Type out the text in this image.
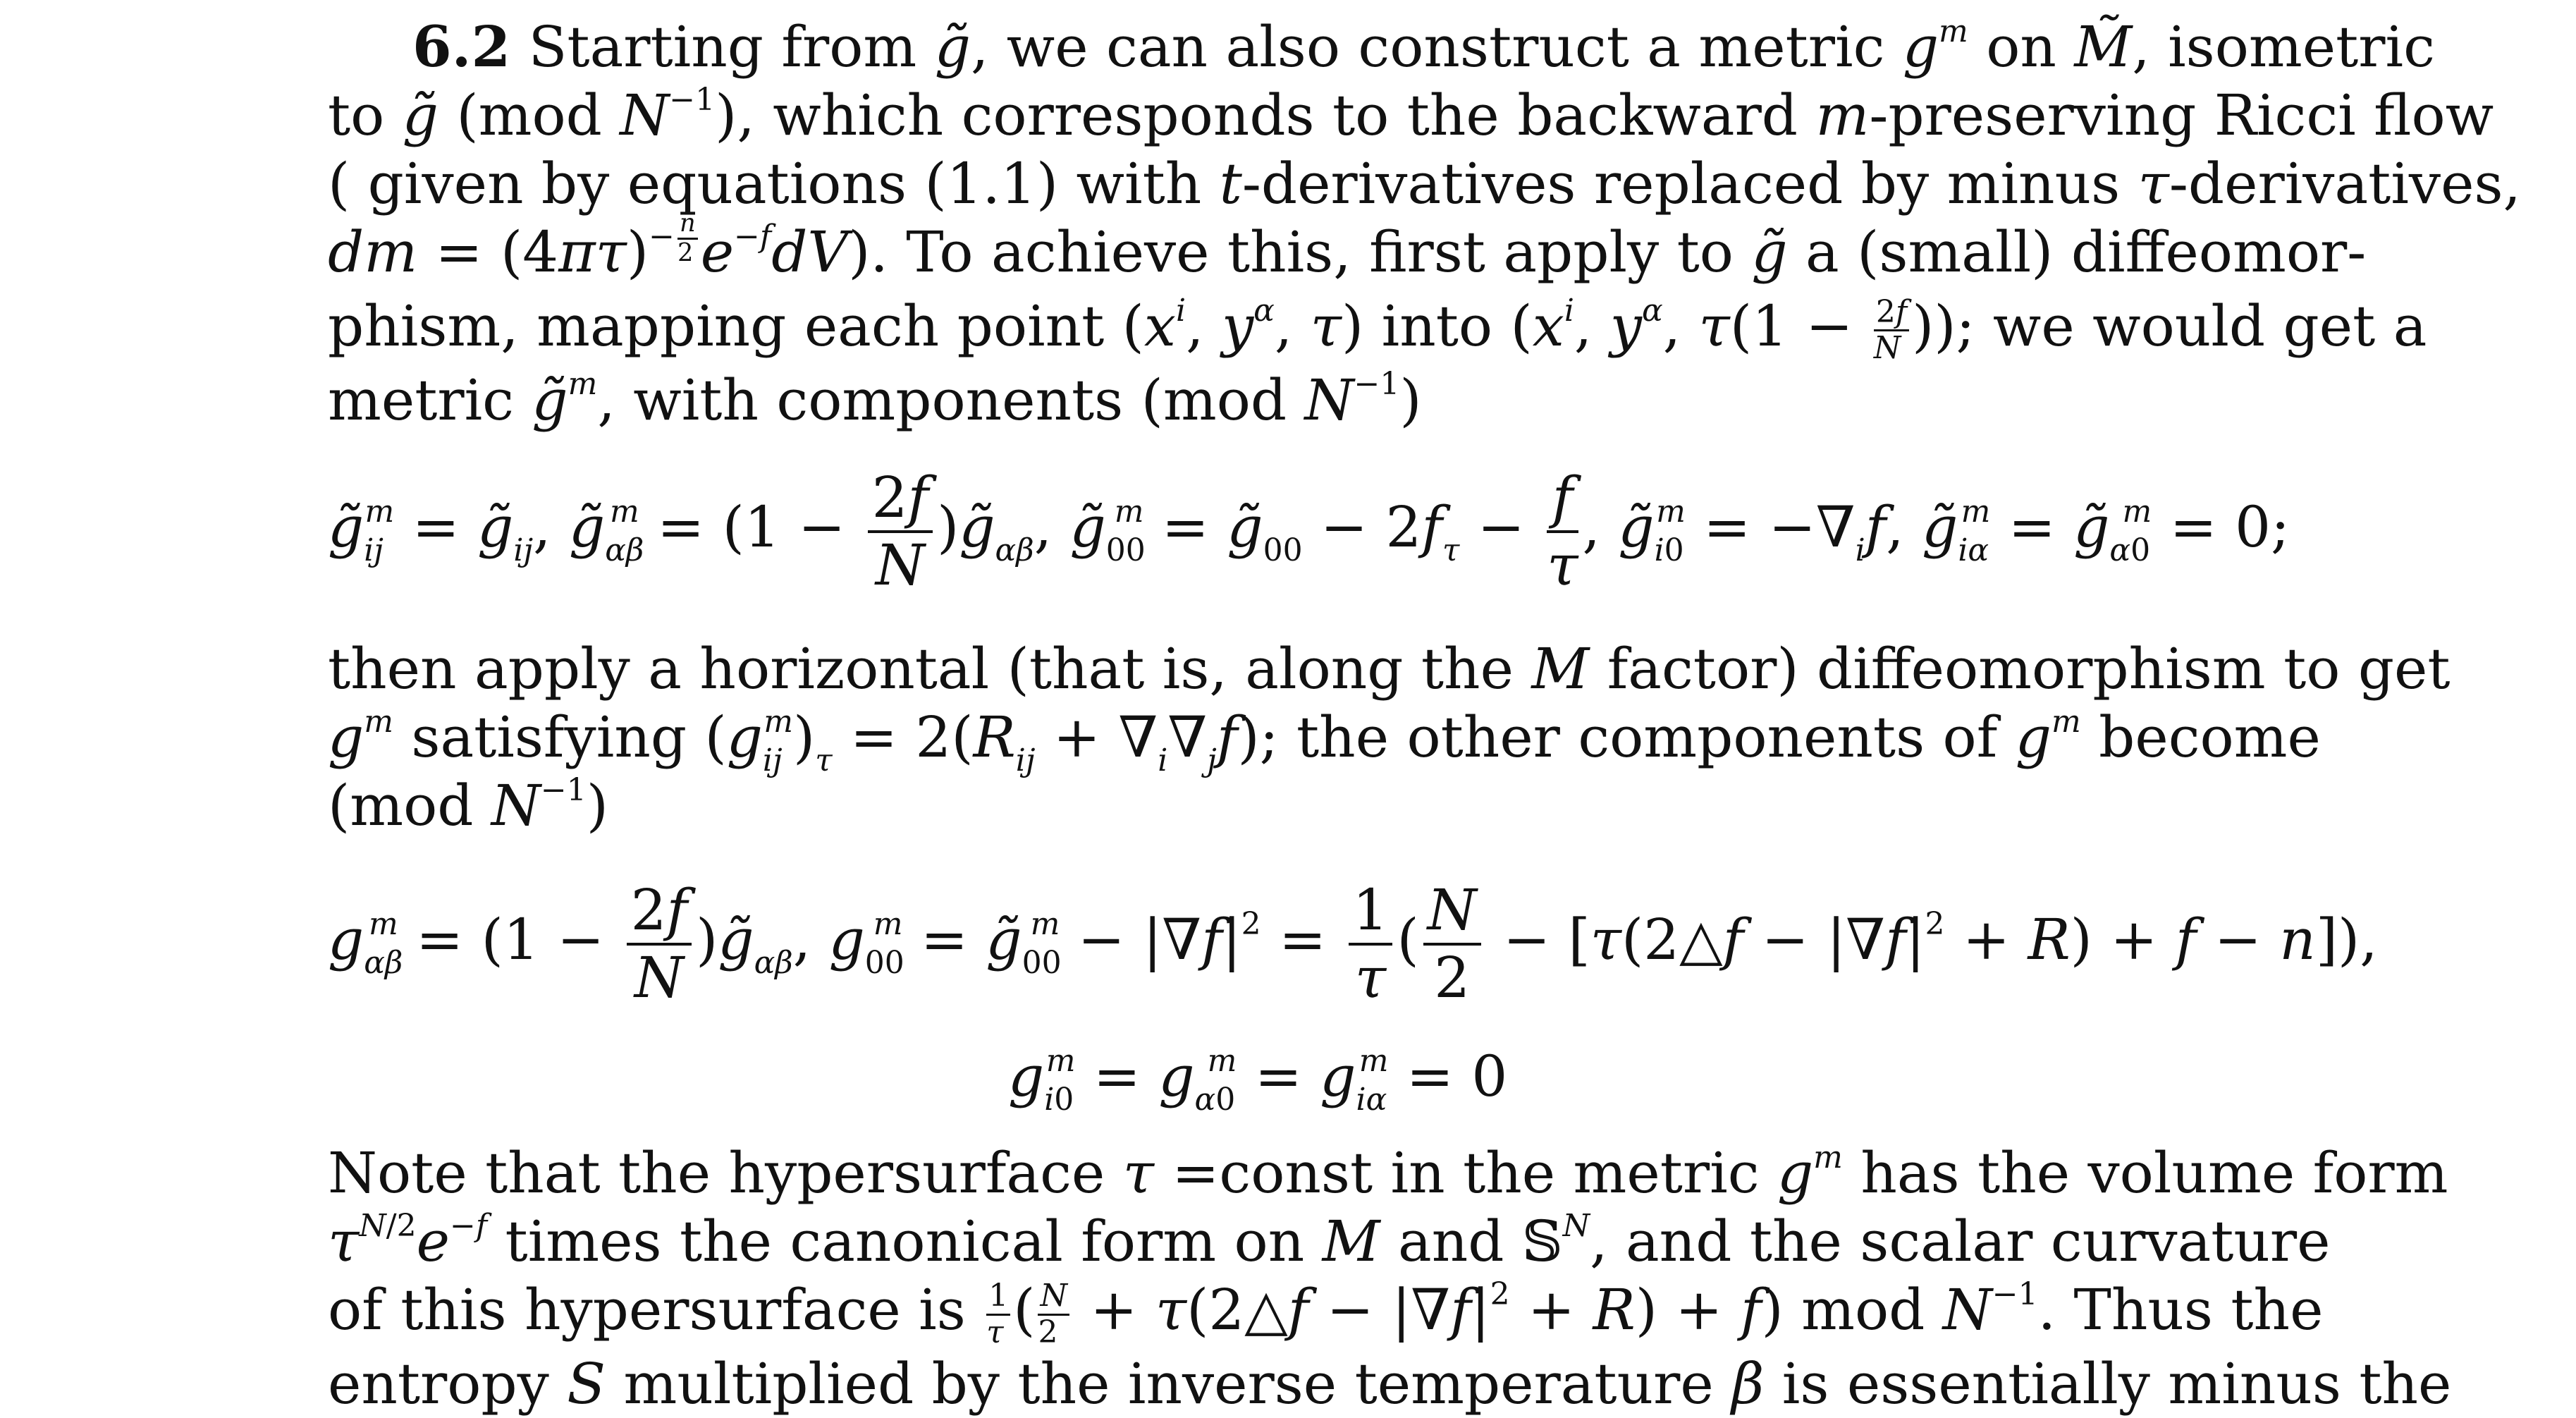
6.2 Starting from g̃, we can also construct a metric $g^m$ on M̃, isometric
to g̃ (mod $N^{-1}$), which corresponds to the backward m-preserving Ricci flow
( given by equations (1.1) with t-derivatives replaced by minus τ-derivatives,
dm = $(4\pi\tau)^{- \frac{n}{2}}$ $e^{-f}dV$). To achieve this, first apply to g̃ a (small) diffeomor-
phism, mapping each point ($x^i$, $y^\alpha$, τ) into ($x^i$, $y^\alpha$, $\tau(1 - \frac{2f}{N}$ )); we would get a
metric g̃$^m$, with components (mod $N^{-1}$)
$g̃_{ij}^m$ = $g̃_{ij}$, $g̃_{\alpha\beta}^m = (1 - \frac{2f}{N}$ )$g̃_{\alpha\beta}$, $g̃_{00}^m$ = $g̃_{00} - 2f_\tau - \frac{f}{\tau}$ , $g̃_{i0}^m = -\nabla_if$, $g̃_{i\alpha}^m$ = $g̃_{\alpha 0}^m = 0$;
then apply a horizontal (that is, along the M factor) diffeomorphism to get
$g^m$ satisfying $(g_{ij}^m)_\tau = 2(R_{ij} + \nabla_i\nabla_jf)$; the other components of $g^m$ become
(mod $N^{-1}$)
$g_{\alpha\beta}^m = (1 - \frac{2f}{N}$ )$g̃_{\alpha\beta}$, $g_{00}^m$ = $g̃_{00}^m - |\nabla f|^2 = \frac{1}{\tau}$ ( $\frac{N}{2}$ − [τ(2△f − $|\nabla f|^2 + R) + f - n$]),
$g_{i0}^m = g_{\alpha 0}^m = g_{i\alpha}^m = 0$
Note that the hypersurface τ =const in the metric $g^m$ has the volume form
$\tau^{N/2}e^{-f}$ times the canonical form on M and 𝕊$^N$, and the scalar curvature
of this hypersurface is $\frac{1}{\tau}$ ( $\frac{N}{2}$ + τ(2△f − $|\nabla f|^2 + R) + f$) mod $N^{-1}$. Thus the
entropy S multiplied by the inverse temperature β is essentially minus the
